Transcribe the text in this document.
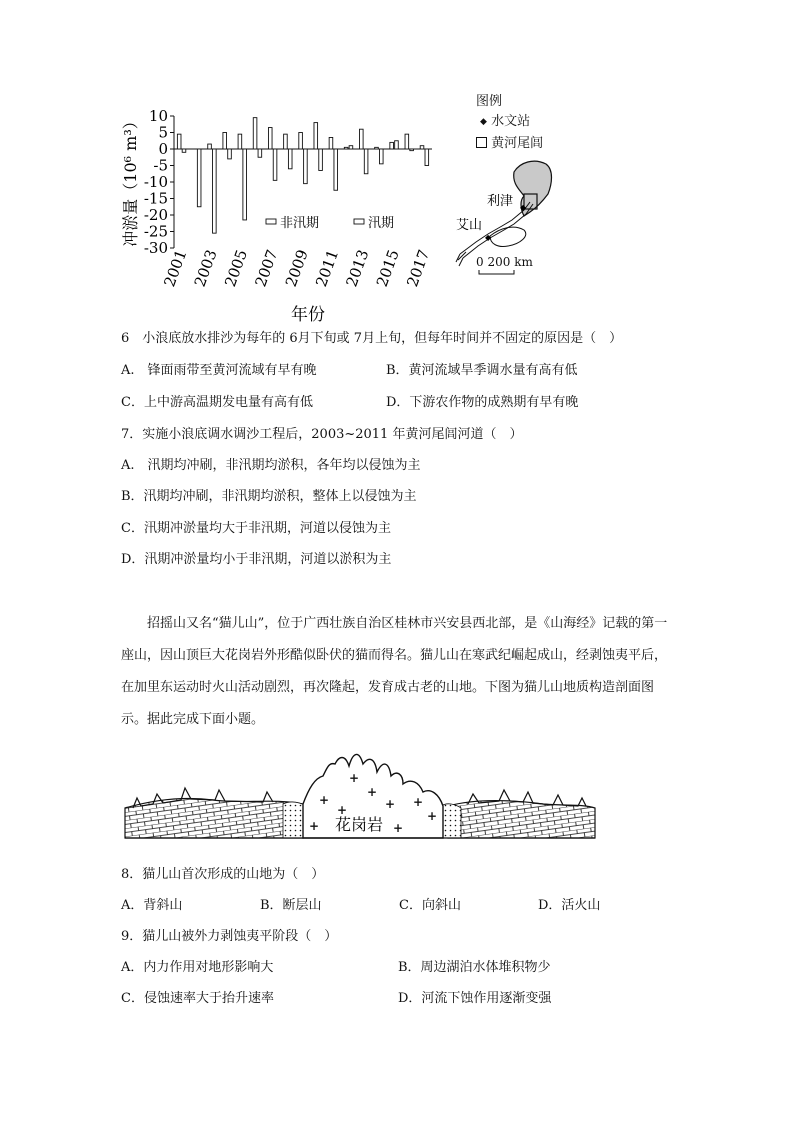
10
5
0
-5
-10
-15
-20
-25
-30
2001 2003 2005 2007 2009 2011 2013 2015 2017
非汛期	汛期
冲淤量（10⁶ m³）
年份
图例
◆ 水文站
黄河尾闾
◆
◆
利津
艾山
0 200 km
6　小浪底放水排沙为每年的 6月下旬或 7月上旬，但每年时间并不固定的原因是（　）
A.　锋面雨带至黄河流域有早有晚	B．黄河流域旱季调水量有高有低
C．上中游高温期发电量有高有低	D．下游农作物的成熟期有早有晚
7．实施小浪底调水调沙工程后，2003~2011 年黄河尾闾河道（　）
A.　汛期均冲刷，非汛期均淤积，各年均以侵蚀为主
B．汛期均冲刷，非汛期均淤积，整体上以侵蚀为主
C．汛期冲淤量均大于非汛期，河道以侵蚀为主
D．汛期冲淤量均小于非汛期，河道以淤积为主
招摇山又名“猫儿山”，位于广西壮族自治区桂林市兴安县西北部，是《山海经》记载的第一座山，因山顶巨大花岗岩外形酷似卧伏的猫而得名。猫儿山在寒武纪崛起成山，经剥蚀夷平后，在加里东运动时火山活动剧烈，再次隆起，发育成古老的山地。下图为猫儿山地质构造剖面图示。据此完成下面小题。
+
+	+ +
+	+
+	+
+
花岗岩
8．猫儿山首次形成的山地为（　）
A．背斜山	B．断层山	C．向斜山	D．活火山
9．猫儿山被外力剥蚀夷平阶段（　）
A．内力作用对地形影响大	B．周边湖泊水体堆积物少
C．侵蚀速率大于抬升速率	D．河流下蚀作用逐渐变强
